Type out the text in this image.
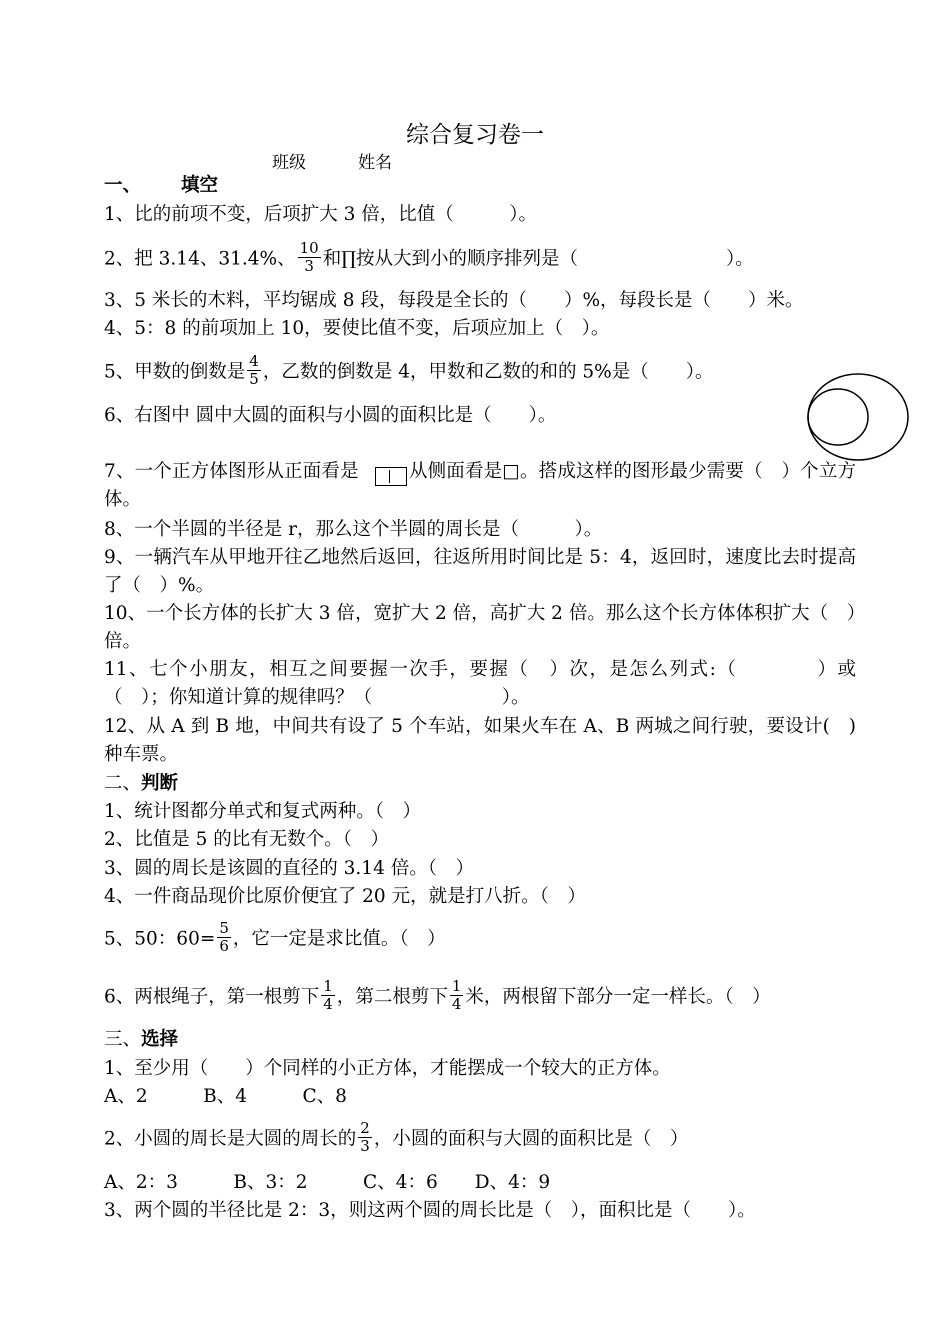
综合复习卷一
班级	姓名
一、 填空
1、比的前项不变，后项扩大 3 倍，比值（　　　）。
2、把 3.14、31.4%、 $\frac{10}{3}$ 和∏按从大到小的顺序排列是（　　　　　　　　）。
3、5 米长的木料，平均锯成 8 段，每段是全长的（　　）%，每段长是（　　）米。
4、5：8 的前项加上 10，要使比值不变，后项应加上（　）。
5、甲数的倒数是 $\frac{4}{5}$ ，乙数的倒数是 4，甲数和乙数的和的 5%是（　　）。
6、右图中 圆中大圆的面积与小圆的面积比是（　　）。
7、一个正方体图形从正面看是	从侧面看是□。搭成这样的图形最少需要（　）个立方体。
8、一个半圆的半径是 r，那么这个半圆的周长是（　　　）。
9、一辆汽车从甲地开往乙地然后返回，往返所用时间比是 5：4，返回时，速度比去时提高了（　）%。
10、一个长方体的长扩大 3 倍，宽扩大 2 倍，高扩大 2 倍。那么这个长方体体积扩大（　）倍。
11、七个小朋友，相互之间要握一次手，要握（　）次，是怎么列式:（　　　　）或（　）；你知道计算的规律吗？（　　　　　　　）。
12、从 A 到 B 地，中间共有设了 5 个车站，如果火车在 A、B 两城之间行驶，要设计(　)种车票。
二、判断
1、统计图都分单式和复式两种。（　）
2、比值是 5 的比有无数个。（　）
3、圆的周长是该圆的直径的 3.14 倍。（　）
4、一件商品现价比原价便宜了 20 元，就是打八折。（　）
5、50：$60= \frac{5}{6}$ ，它一定是求比值。（　）
6、两根绳子，第一根剪下 $\frac{1}{4}$ ，第二根剪下 $\frac{1}{4}$ 米，两根留下部分一定一样长。（　）
三、选择
1、至少用（　　）个同样的小正方体，才能摆成一个较大的正方体。
A、2　　　B、4　　　C、8
2、小圆的周长是大圆的周长的 $\frac{2}{3}$ ，小圆的面积与大圆的面积比是（　）
A、2：3　　　B、3：2　　　C、4：6　　D、4：9
3、两个圆的半径比是 2：3，则这两个圆的周长比是（　），面积比是（　　）。
